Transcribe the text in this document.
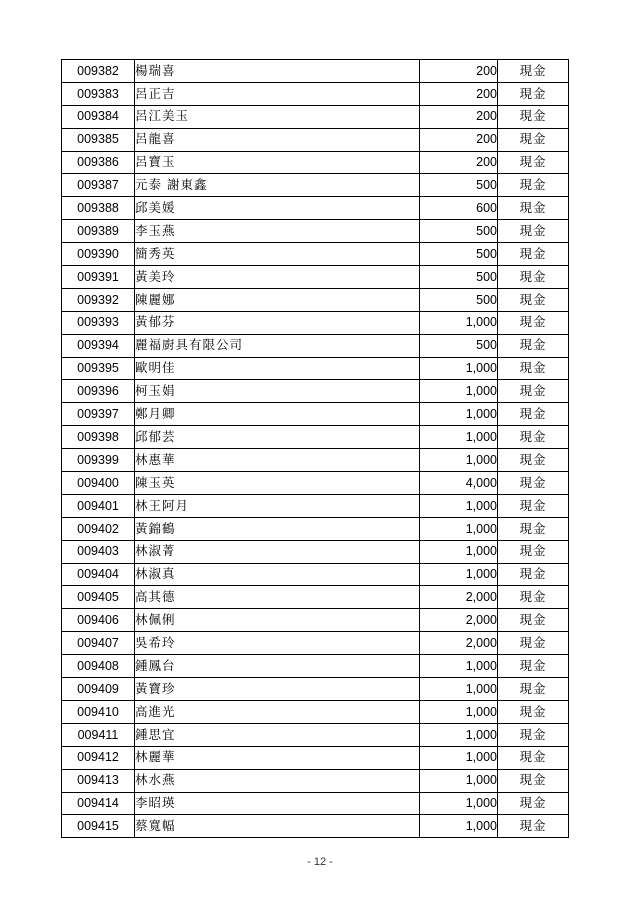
009382	楊瑞喜	200	現金
009383	呂正吉	200	現金
009384	呂江美玉	200	現金
009385	呂龍喜	200	現金
009386	呂寶玉	200	現金
009387	元泰 謝東鑫	500	現金
009388	邱美媛	600	現金
009389	李玉燕	500	現金
009390	簡秀英	500	現金
009391	黃美玲	500	現金
009392	陳麗娜	500	現金
009393	黃郁芬	1,000	現金
009394	麗福廚具有限公司	500	現金
009395	歐明佳	1,000	現金
009396	柯玉娟	1,000	現金
009397	鄭月卿	1,000	現金
009398	邱郁芸	1,000	現金
009399	林惠華	1,000	現金
009400	陳玉英	4,000	現金
009401	林王阿月	1,000	現金
009402	黃錦鶴	1,000	現金
009403	林淑菁	1,000	現金
009404	林淑真	1,000	現金
009405	高其德	2,000	現金
009406	林佩俐	2,000	現金
009407	吳希玲	2,000	現金
009408	鍾鳳台	1,000	現金
009409	黃寶珍	1,000	現金
009410	高進光	1,000	現金
009411	鍾思宜	1,000	現金
009412	林麗華	1,000	現金
009413	林水燕	1,000	現金
009414	李昭瑛	1,000	現金
009415	蔡寬幅	1,000	現金
- 12 -
